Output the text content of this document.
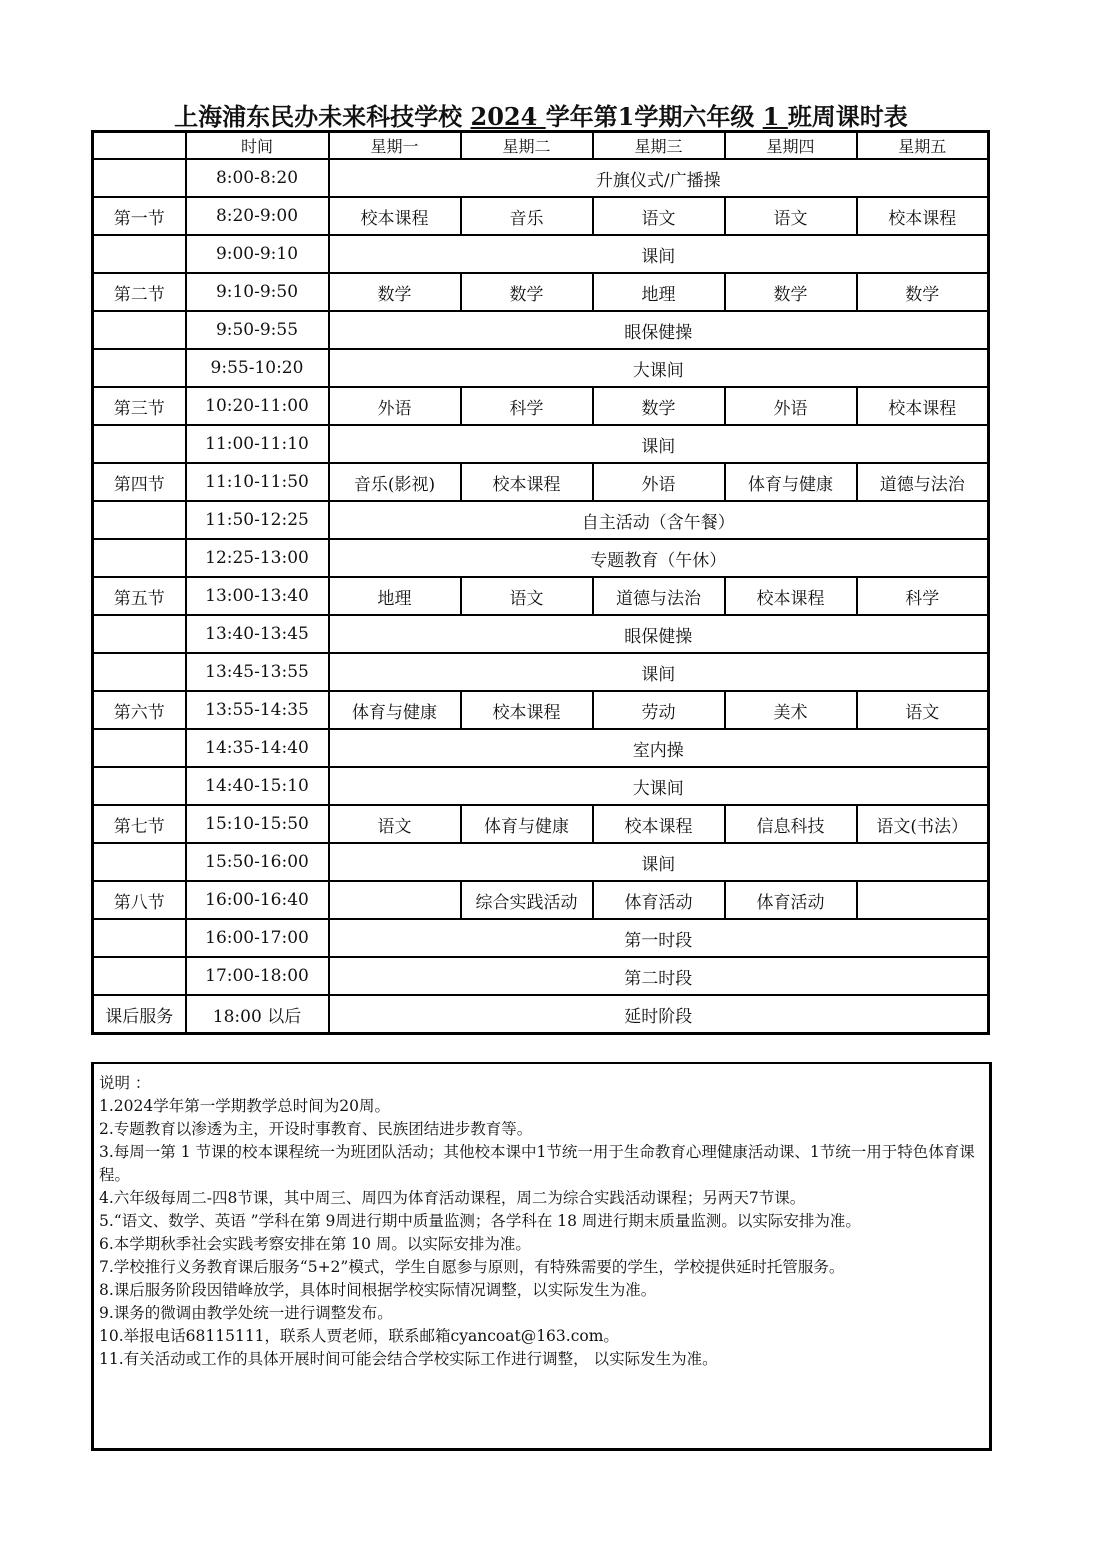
上海浦东民办未来科技学校 2024 学年第1学期六年级 1 班周课时表
	时间	星期一	星期二	星期三	星期四	星期五
	8:00-8:20	升旗仪式/广播操				
第一节	8:20-9:00	校本课程	音乐	语文	语文	校本课程
	9:00-9:10	课间				
第二节	9:10-9:50	数学	数学	地理	数学	数学
	9:50-9:55	眼保健操				
	9:55-10:20	大课间				
第三节	10:20-11:00	外语	科学	数学	外语	校本课程
	11:00-11:10	课间				
第四节	11:10-11:50	音乐(影视)	校本课程	外语	体育与健康	道德与法治
	11:50-12:25	自主活动（含午餐）				
	12:25-13:00	专题教育（午休）				
第五节	13:00-13:40	地理	语文	道德与法治	校本课程	科学
	13:40-13:45	眼保健操				
	13:45-13:55	课间				
第六节	13:55-14:35	体育与健康	校本课程	劳动	美术	语文
	14:35-14:40	室内操				
	14:40-15:10	大课间				
第七节	15:10-15:50	语文	体育与健康	校本课程	信息科技	语文(书法）
	15:50-16:00	课间				
第八节	16:00-16:40		综合实践活动	体育活动	体育活动	
	16:00-17:00	第一时段				
	17:00-18:00	第二时段				
课后服务	18:00 以后	延时阶段				
说明 ：
1.2024学年第一学期教学总时间为20周。
2.专题教育以渗透为主，开设时事教育、民族团结进步教育等。
3.每周一第 1 节课的校本课程统一为班团队活动；其他校本课中1节统一用于生命教育心理健康活动课、1节统一用于特色体育课程。
4.六年级每周二-四8节课，其中周三、周四为体育活动课程，周二为综合实践活动课程；另两天7节课。
5.“语文、数学、英语 ”学科在第 9周进行期中质量监测；各学科在 18 周进行期末质量监测。以实际安排为准。
6.本学期秋季社会实践考察安排在第 10 周。以实际安排为准。
7.学校推行义务教育课后服务“5+2”模式，学生自愿参与原则，有特殊需要的学生，学校提供延时托管服务。
8.课后服务阶段因错峰放学，具体时间根据学校实际情况调整，以实际发生为准。
9.课务的微调由教学处统一进行调整发布。
10.举报电话68115111，联系人贾老师，联系邮箱cyancoat@163.com。
11.有关活动或工作的具体开展时间可能会结合学校实际工作进行调整， 以实际发生为准。
